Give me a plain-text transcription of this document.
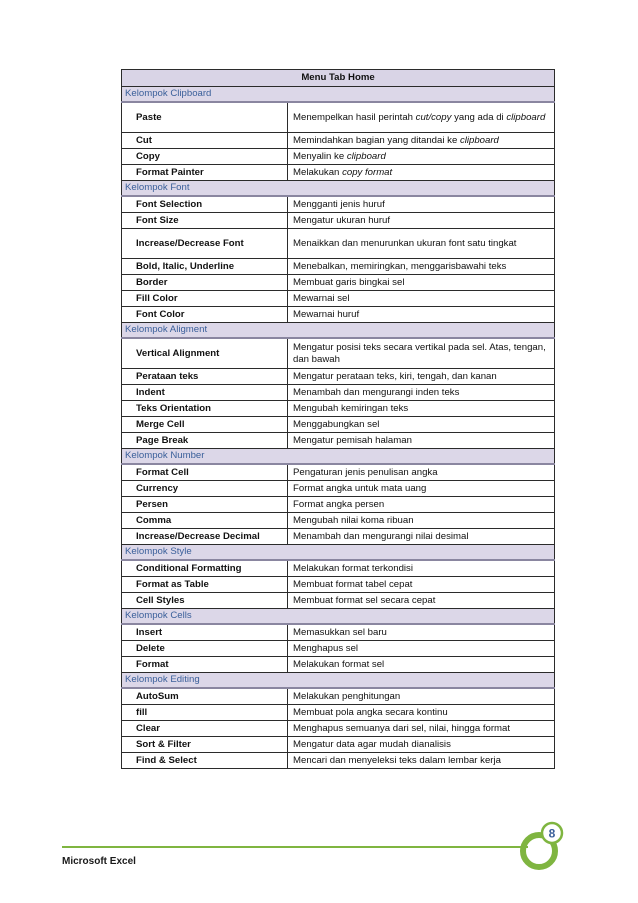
Menu Tab Home	
Kelompok Clipboard	
Paste	Menempelkan hasil perintah cut/copy yang ada di clipboard
Cut	Memindahkan bagian yang ditandai ke clipboard
Copy	Menyalin ke clipboard
Format Painter	Melakukan copy format
Kelompok Font	
Font Selection	Mengganti jenis huruf
Font Size	Mengatur ukuran huruf
Increase/Decrease Font	Menaikkan dan menurunkan ukuran font satu tingkat
Bold, Italic, Underline	Menebalkan, memiringkan, menggarisbawahi teks
Border	Membuat garis bingkai sel
Fill Color	Mewarnai sel
Font Color	Mewarnai huruf
Kelompok Aligment	
Vertical Alignment	Mengatur posisi teks secara vertikal pada sel. Atas, tengan, dan bawah
Perataan teks	Mengatur perataan teks, kiri, tengah, dan kanan
Indent	Menambah dan mengurangi inden teks
Teks Orientation	Mengubah kemiringan teks
Merge Cell	Menggabungkan sel
Page Break	Mengatur pemisah halaman
Kelompok Number	
Format Cell	Pengaturan jenis penulisan angka
Currency	Format angka untuk mata uang
Persen	Format angka persen
Comma	Mengubah nilai koma ribuan
Increase/Decrease Decimal	Menambah dan mengurangi nilai desimal
Kelompok Style	
Conditional Formatting	Melakukan format terkondisi
Format as Table	Membuat format tabel cepat
Cell Styles	Membuat format sel secara cepat
Kelompok Cells	
Insert	Memasukkan sel baru
Delete	Menghapus sel
Format	Melakukan format sel
Kelompok Editing	
AutoSum	Melakukan penghitungan
fill	Membuat pola angka secara kontinu
Clear	Menghapus semuanya dari sel, nilai, hingga format
Sort & Filter	Mengatur data agar mudah dianalisis
Find & Select	Mencari dan menyeleksi teks dalam lembar kerja
Microsoft Excel
8
